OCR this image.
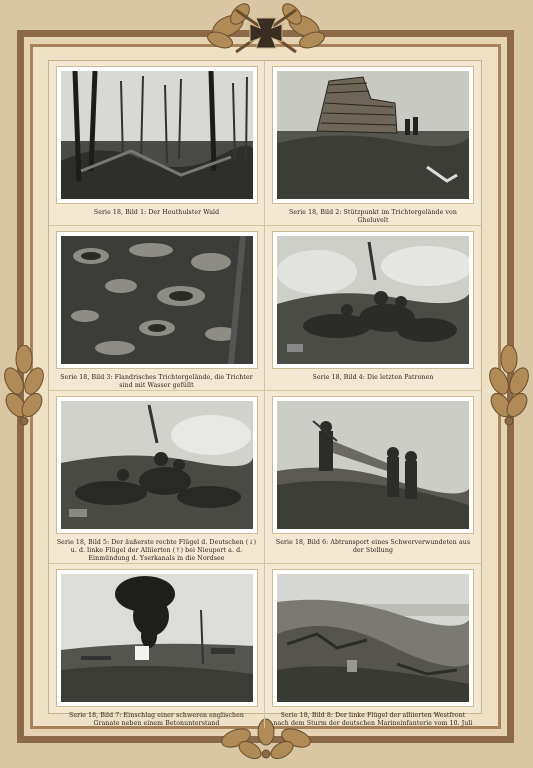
Serie 18, Bild 1: Der Houthulster Wald	Serie 18, Bild 2: Stützpunkt im Trichtergelände von Gheluvelt
Serie 18, Bild 3: Flandrisches Trichtergelände, die Trichter sind mit Wasser gefüllt
Serie 18, Bild 4: Die letzten Patronen
Serie 18, Bild 5: Der äußerste rechte Flügel d. Deutschen (↓) u. d. linke Flügel der Alliierten (↑) bei Nieuport a. d. Einmündung d. Yserkanals in die Nordsee
Serie 18, Bild 6: Abtransport eines Schwerverwundeten aus der Stellung
Serie 18, Bild 7: Einschlag einer schweren englischen Granate neben einem Betonunterstand
Serie 18, Bild 8: Der linke Flügel der alliierten Westfront nach dem Sturm der deutschen Marineinfanterie vom 10. Juli
